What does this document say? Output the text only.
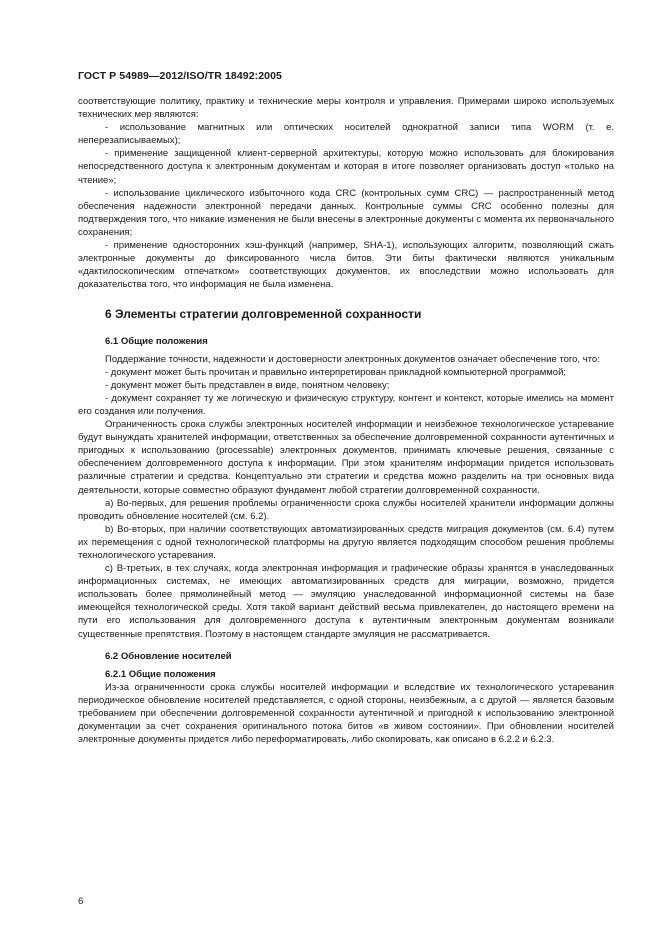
ГОСТ Р 54989—2012/ISO/TR 18492:2005

соответствующие политику, практику и технические меры контроля и управления. Примерами широко используемых технических мер являются:

- использование магнитных или оптических носителей однократной записи типа WORM (т. е. неперезаписываемых);

- применение защищенной клиент-серверной архитектуры, которую можно использовать для блокирования непосредственного доступа к электронным документам и которая в итоге позволяет организовать доступ «только на чтение»;

- использование циклического избыточного кода CRC (контрольных сумм CRC) — распространенный метод обеспечения надежности электронной передачи данных. Контрольные суммы CRC особенно полезны для подтверждения того, что никакие изменения не были внесены в электронные документы с момента их первоначального сохранения;

- применение односторонних хэш-функций (например, SHA-1), использующих алгоритм, позволяющий сжать электронные документы до фиксированного числа битов. Эти биты фактически являются уникальным «дактилоскопическим отпечатком» соответствующих документов, их впоследствии можно использовать для доказательства того, что информация не была изменена.

6 Элементы стратегии долговременной сохранности

6.1 Общие положения

Поддержание точности, надежности и достоверности электронных документов означает обеспечение того, что:

- документ может быть прочитан и правильно интерпретирован прикладной компьютерной программой;

- документ может быть представлен в виде, понятном человеку;

- документ сохраняет ту же логическую и физическую структуру, контент и контекст, которые имелись на момент его создания или получения.

Ограниченность срока службы электронных носителей информации и неизбежное технологическое устаревание будут вынуждать хранителей информации, ответственных за обеспечение долговременной сохранности аутентичных и пригодных к использованию (processable) электронных документов, принимать ключевые решения, связанные с обеспечением долговременного доступа к информации. При этом хранителям информации придется использовать различные стратегии и средства. Концептуально эти стратегии и средства можно разделить на три основных вида деятельности, которые совместно образуют фундамент любой стратегии долговременной сохранности.

a) Во-первых, для решения проблемы ограниченности срока службы носителей хранители информации должны проводить обновление носителей (см. 6.2).

b) Во-вторых, при наличии соответствующих автоматизированных средств миграция документов (см. 6.4) путем их перемещения с одной технологической платформы на другую является подходящим способом решения проблемы технологического устаревания.

c) В-третьих, в тех случаях, когда электронная информация и графические образы хранятся в унаследованных информационных системах, не имеющих автоматизированных средств для миграции, возможно, придется использовать более прямолинейный метод — эмуляцию унаследованной информационной системы на базе имеющейся технологической среды. Хотя такой вариант действий весьма привлекателен, до настоящего времени на пути его использования для долговременного доступа к аутентичным электронным документам возникали существенные препятствия. Поэтому в настоящем стандарте эмуляция не рассматривается.

6.2 Обновление носителей

6.2.1 Общие положения

Из-за ограниченности срока службы носителей информации и вследствие их технологического устаревания периодическое обновление носителей представляется, с одной стороны, неизбежным, а с другой — является базовым требованием при обеспечении долговременной сохранности аутентичной и пригодной к использованию электронной документации за счет сохранения оригинального потока битов «в живом состоянии». При обновлении носителей электронные документы придется либо переформатировать, либо скопировать, как описано в 6.2.2 и 6.2.3.

6
